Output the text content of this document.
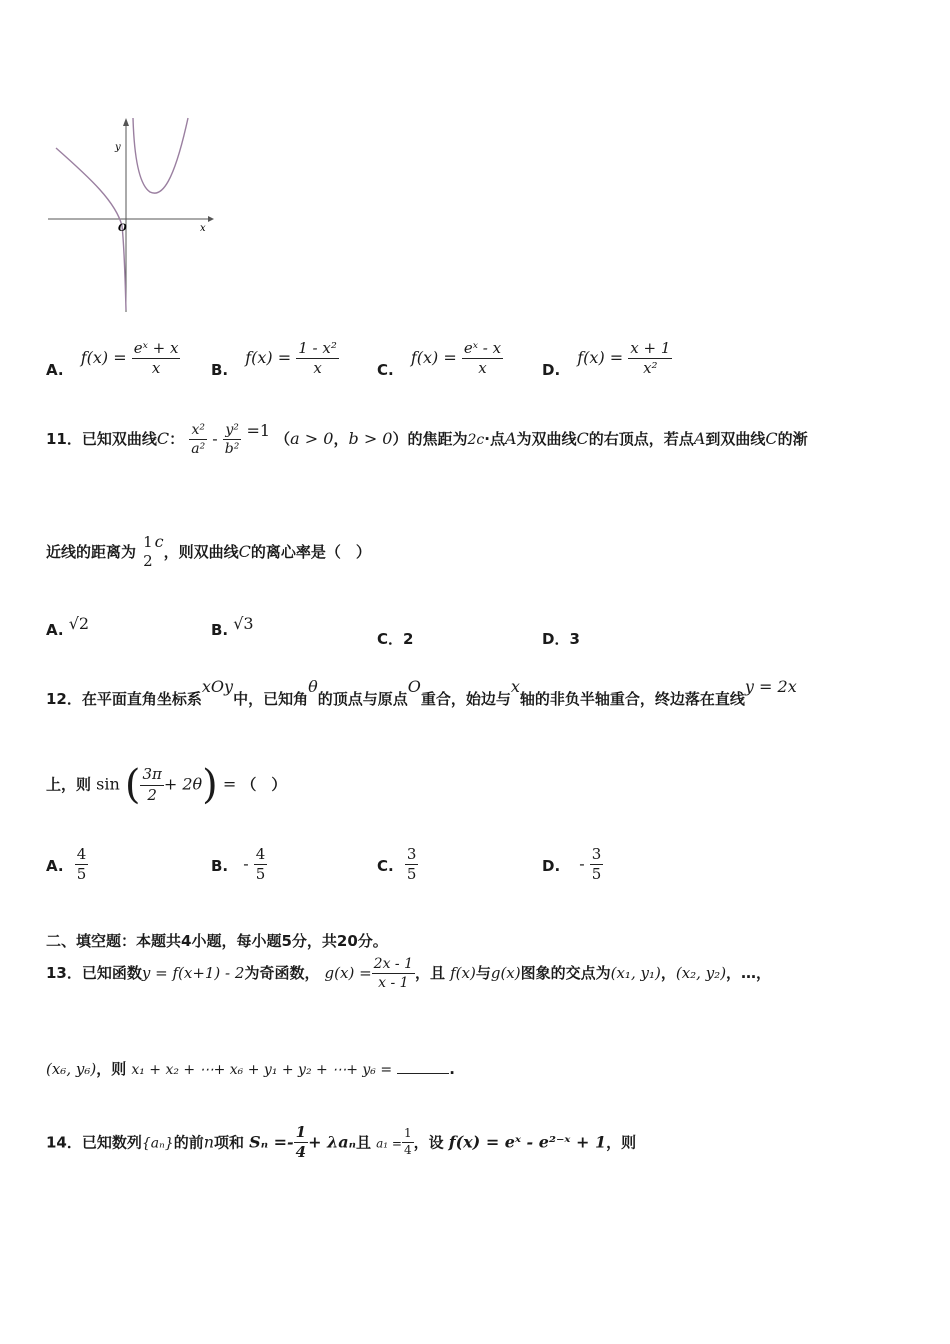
y
x
O
A. $f(x) = \frac{\text{eˣ + x}}{x} B$. $f(x) = \frac{\text{1 - x²}}{x}$	C. $f(x) = \frac{\text{eˣ - x}}{x}$	D. $f(x) = \frac{x + 1}{\text{x²}}$
11．已知双曲线C： $\frac{\text{x²}}{\text{a²}} - \frac{\text{y²}}{\text{b²}} =1$ （a > 0，b > 0）的焦距为2c·点A为双曲线C的右顶点，若点A到双曲线C的渐
近线的距离为
1
2
c，则双曲线C的离心率是（　）
A. √2	B. √3
C．2	D．3
12．在平面直角坐标系xOy中，已知角θ的顶点与原点O重合，始边与x轴的非负半轴重合，终边落在直线y = 2x
上，则 sin ( $\frac{3\pi}{2} + 2\theta$) = （　）
A. $\frac{4}{5}$	B. - $\frac{4}{5}$	C. $\frac{3}{5}$	D. - $\frac{3}{5}$
二、填空题：本题共4小题，每小题5分，共20分。
13．已知函数y = f(x+1) - 2为奇函数， $g(x) = \frac{2x - 1}{x - 1}$ ，且 f(x)与g(x)图象的交点为(x₁, y₁)，(x₂, y₂)，…，
(x₆, y₆)，则 x₁ + x₂ + ⋯+ x₆ + y₁ + y₂ + ⋯+ y₆ =	.
14．已知数列{aₙ}的前n项和 $S_n =- \frac{1}{4} + \lambda a_n$且 $a_1 = \frac{1}{4}$ ，设 f(x) = eˣ - e²⁻ˣ + 1，则
